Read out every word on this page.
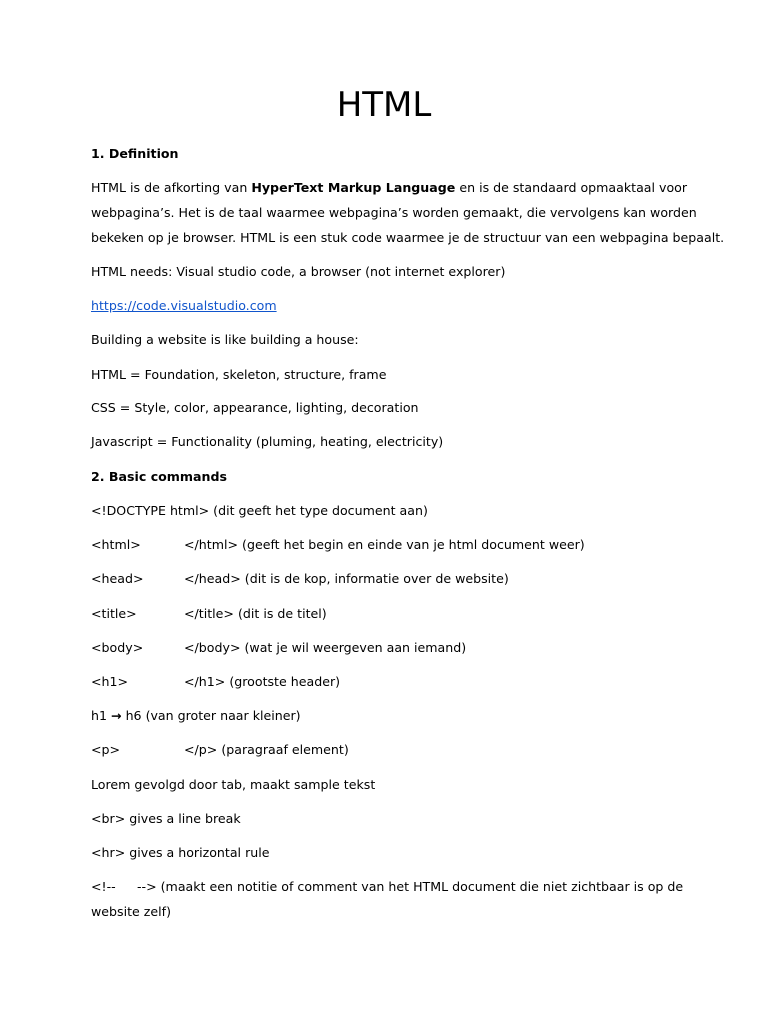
HTML
1. Definition
HTML is de afkorting van HyperText Markup Language en is de standaard opmaaktaal voor
webpagina’s. Het is de taal waarmee webpagina’s worden gemaakt, die vervolgens kan worden
bekeken op je browser. HTML is een stuk code waarmee je de structuur van een webpagina bepaalt.
HTML needs: Visual studio code, a browser (not internet explorer)
https://code.visualstudio.com
Building a website is like building a house:
HTML = Foundation, skeleton, structure, frame
CSS = Style, color, appearance, lighting, decoration
Javascript = Functionality (pluming, heating, electricity)
2. Basic commands
<!DOCTYPE html> (dit geeft het type document aan)
<html>	</html> (geeft het begin en einde van je html document weer)
<head>	</head> (dit is de kop, informatie over de website)
<title>	</title> (dit is de titel)
<body>	</body> (wat je wil weergeven aan iemand)
<h1>	</h1> (grootste header)
h1 → h6 (van groter naar kleiner)
<p>	</p> (paragraaf element)
Lorem gevolgd door tab, maakt sample tekst
<br> gives a line break
<hr> gives a horizontal rule
<!-- --> (maakt een notitie of comment van het HTML document die niet zichtbaar is op de
website zelf)
